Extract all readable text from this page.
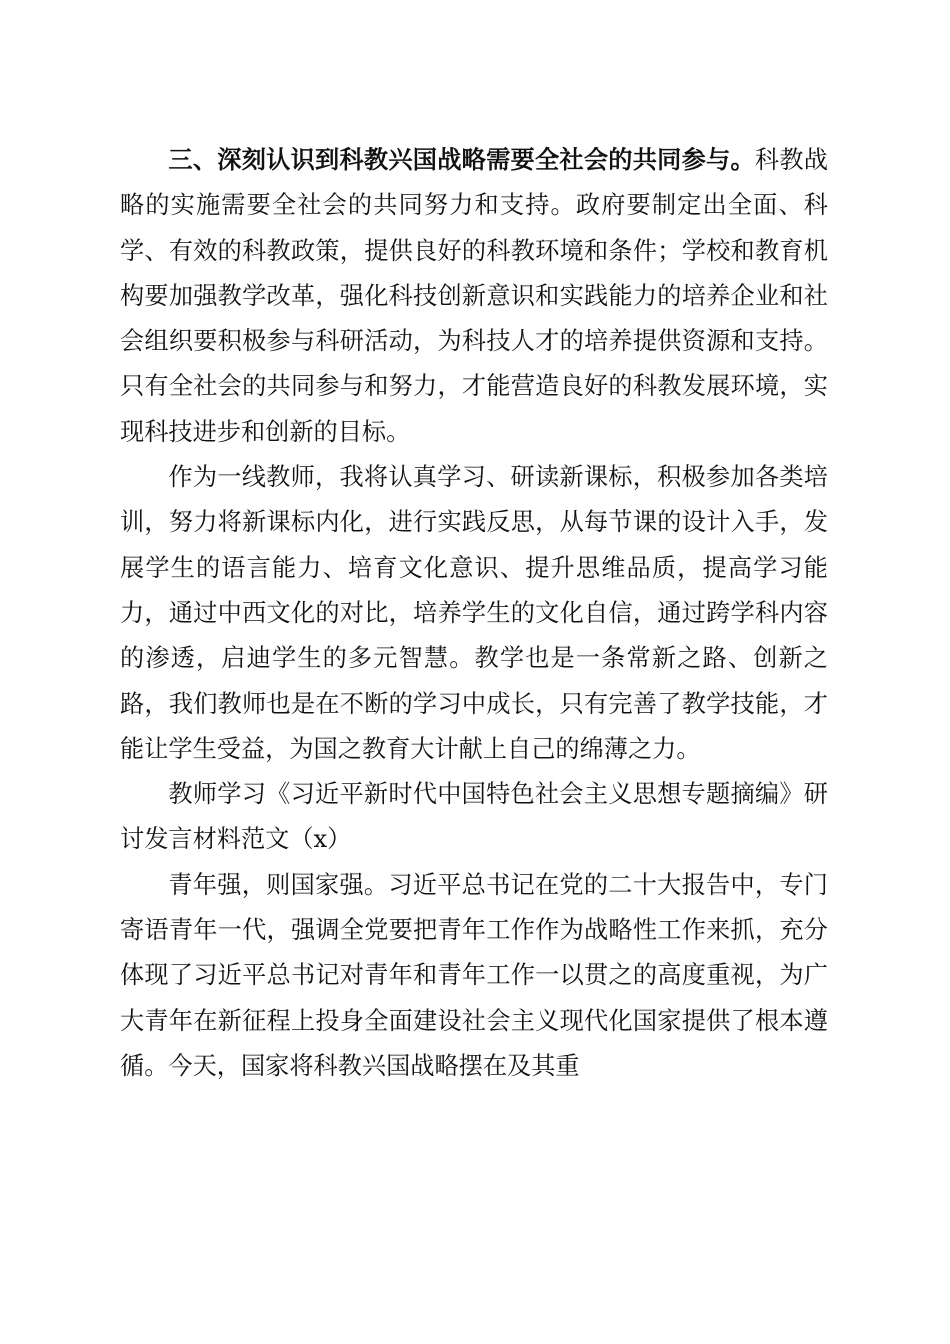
三、深刻认识到科教兴国战略需要全社会的共同参与。科教战略的实施需要全社会的共同努力和支持。政府要制定出全面、科学、有效的科教政策，提供良好的科教环境和条件；学校和教育机构要加强教学改革，强化科技创新意识和实践能力的培养企业和社会组织要积极参与科研活动，为科技人才的培养提供资源和支持。只有全社会的共同参与和努力，才能营造良好的科教发展环境，实现科技进步和创新的目标。

作为一线教师，我将认真学习、研读新课标，积极参加各类培训，努力将新课标内化，进行实践反思，从每节课的设计入手，发展学生的语言能力、培育文化意识、提升思维品质，提高学习能力，通过中西文化的对比，培养学生的文化自信，通过跨学科内容的渗透，启迪学生的多元智慧。教学也是一条常新之路、创新之路，我们教师也是在不断的学习中成长，只有完善了教学技能，才能让学生受益，为国之教育大计献上自己的绵薄之力。

教师学习《习近平新时代中国特色社会主义思想专题摘编》研讨发言材料范文（x）

青年强，则国家强。习近平总书记在党的二十大报告中，专门寄语青年一代，强调全党要把青年工作作为战略性工作来抓，充分体现了习近平总书记对青年和青年工作一以贯之的高度重视，为广大青年在新征程上投身全面建设社会主义现代化国家提供了根本遵循。今天，国家将科教兴国战略摆在及其重
